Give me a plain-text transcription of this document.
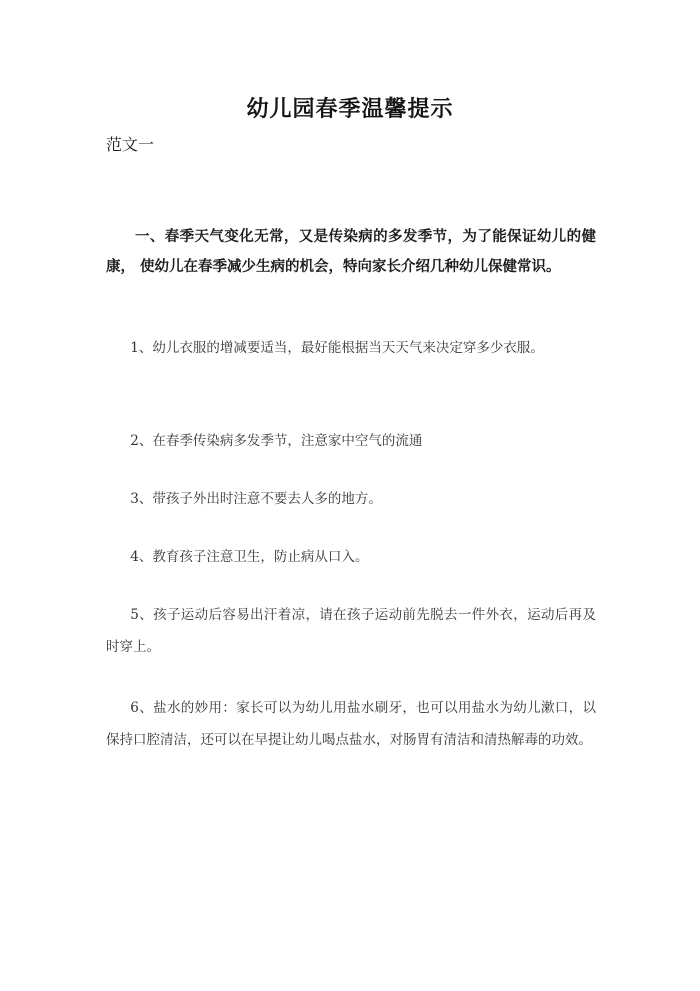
幼儿园春季温馨提示
范文一

一、春季天气变化无常，又是传染病的多发季节，为了能保证幼儿的健康， 使幼儿在春季减少生病的机会，特向家长介绍几种幼儿保健常识。

1、幼儿衣服的增减要适当，最好能根据当天天气来决定穿多少衣服。

2、在春季传染病多发季节，注意家中空气的流通

3、带孩子外出时注意不要去人多的地方。

4、教育孩子注意卫生，防止病从口入。

5、孩子运动后容易出汗着凉，请在孩子运动前先脱去一件外衣，运动后再及时穿上。

6、盐水的妙用：家长可以为幼儿用盐水刷牙，也可以用盐水为幼儿漱口，以保持口腔清洁，还可以在早提让幼儿喝点盐水，对肠胃有清洁和清热解毒的功效。
